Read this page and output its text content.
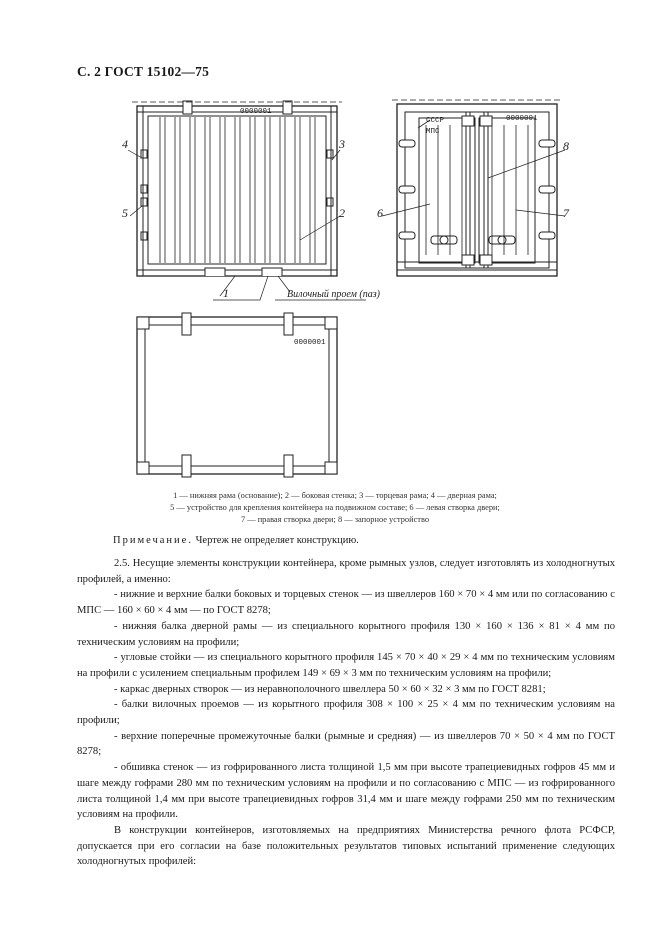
С. 2 ГОСТ 15102—75
0000001
СССР
МПС
0000001
0000001
4
5
3
2
1	Вилочный проем (паз)
6	7
8
1 — нижняя рама (основание); 2 — боковая стенка; 3 — торцевая рама; 4 — дверная рама;
5 — устройство для крепления контейнера на подвижном составе; 6 — левая створка двери;
7 — правая створка двери; 8 — запорное устройство
Примечание. Чертеж не определяет конструкцию.

2.5. Несущие элементы конструкции контейнера, кроме рымных узлов, следует изготовлять из холодногнутых профилей, а именно:

- нижние и верхние балки боковых и торцевых стенок — из швеллеров 160 × 70 × 4 мм или по согласованию с МПС — 160 × 60 × 4 мм — по ГОСТ 8278;

- нижняя балка дверной рамы — из специального корытного профиля 130 × 160 × 136 × 81 × 4 мм по техническим условиям на профили;

- угловые стойки — из специального корытного профиля 145 × 70 × 40 × 29 × 4 мм по техническим условиям на профили с усилением специальным профилем 149 × 69 × 3 мм по техническим условиям на профили;

- каркас дверных створок — из неравнополочного швеллера 50 × 60 × 32 × 3 мм по ГОСТ 8281;

- балки вилочных проемов — из корытного профиля 308 × 100 × 25 × 4 мм по техническим условиям на профили;

- верхние поперечные промежуточные балки (рымные и средняя) — из швеллеров 70 × 50 × 4 мм по ГОСТ 8278;

- обшивка стенок — из гофрированного листа толщиной 1,5 мм при высоте трапециевидных гофров 45 мм и шаге между гофрами 280 мм по техническим условиям на профили и по согласованию с МПС — из гофрированного листа толщиной 1,4 мм при высоте трапециевидных гофров 31,4 мм и шаге между гофрами 250 мм по техническим условиям на профили.

В конструкции контейнеров, изготовляемых на предприятиях Министерства речного флота РСФСР, допускается при его согласии на базе положительных результатов типовых испытаний применение следующих холодногнутых профилей:
